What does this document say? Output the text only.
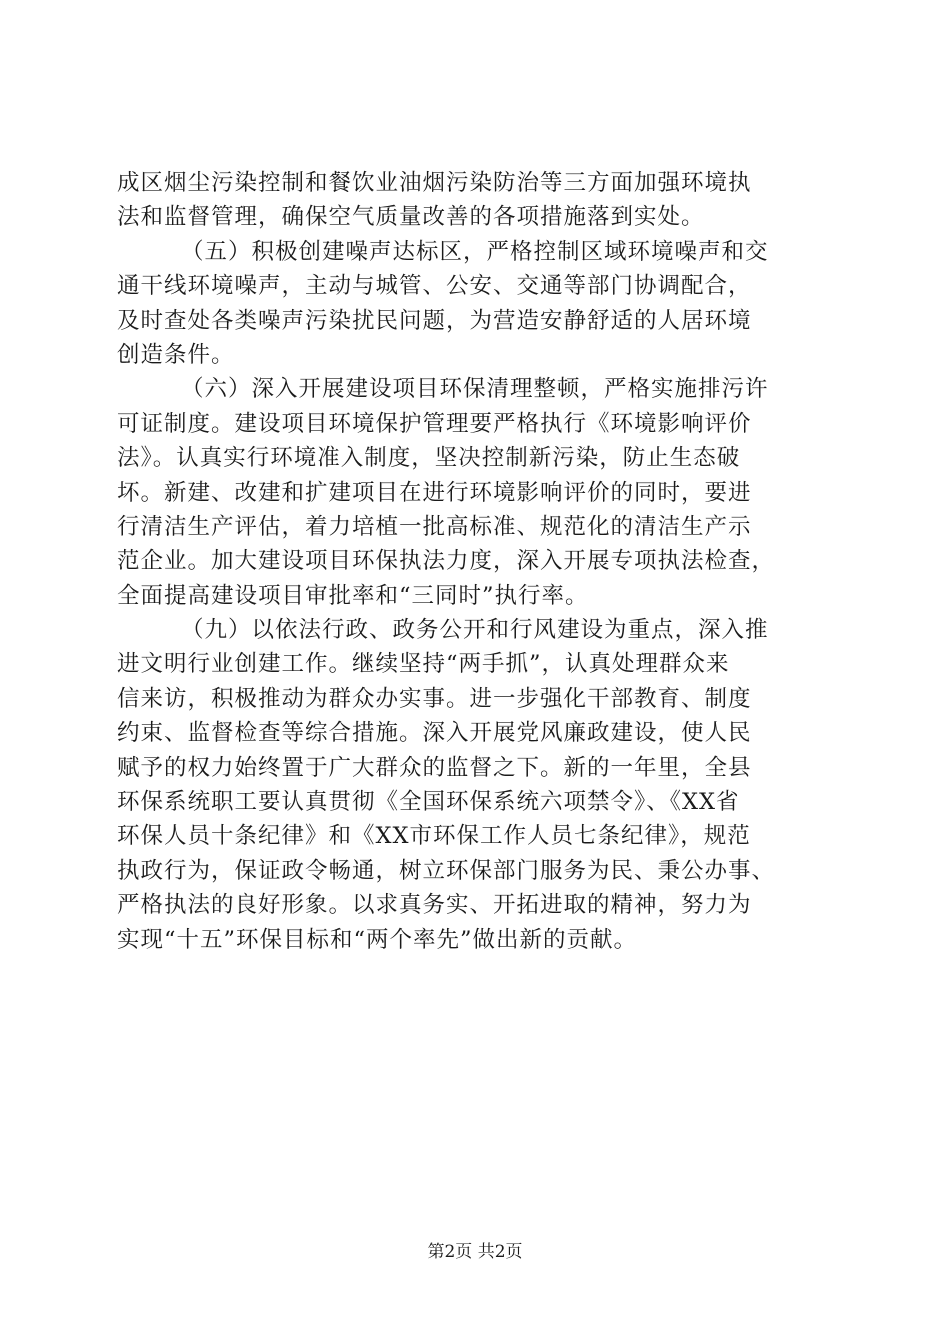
成区烟尘污染控制和餐饮业油烟污染防治等三方面加强环境执
法和监督管理，确保空气质量改善的各项措施落到实处。
（五）积极创建噪声达标区，严格控制区域环境噪声和交
通干线环境噪声，主动与城管、公安、交通等部门协调配合，
及时查处各类噪声污染扰民问题，为营造安静舒适的人居环境
创造条件。
（六）深入开展建设项目环保清理整顿，严格实施排污许
可证制度。建设项目环境保护管理要严格执行《环境影响评价
法》。认真实行环境准入制度，坚决控制新污染，防止生态破
坏。新建、改建和扩建项目在进行环境影响评价的同时，要进
行清洁生产评估，着力培植一批高标准、规范化的清洁生产示
范企业。加大建设项目环保执法力度，深入开展专项执法检查，
全面提高建设项目审批率和“三同时”执行率。
（九）以依法行政、政务公开和行风建设为重点，深入推
进文明行业创建工作。继续坚持“两手抓”，认真处理群众来
信来访，积极推动为群众办实事。进一步强化干部教育、制度
约束、监督检查等综合措施。深入开展党风廉政建设，使人民
赋予的权力始终置于广大群众的监督之下。新的一年里，全县
环保系统职工要认真贯彻《全国环保系统六项禁令》、《XX省
环保人员十条纪律》和《XX市环保工作人员七条纪律》，规范
执政行为，保证政令畅通，树立环保部门服务为民、秉公办事、
严格执法的良好形象。以求真务实、开拓进取的精神，努力为
实现“十五”环保目标和“两个率先”做出新的贡献。
第2页 共2页
